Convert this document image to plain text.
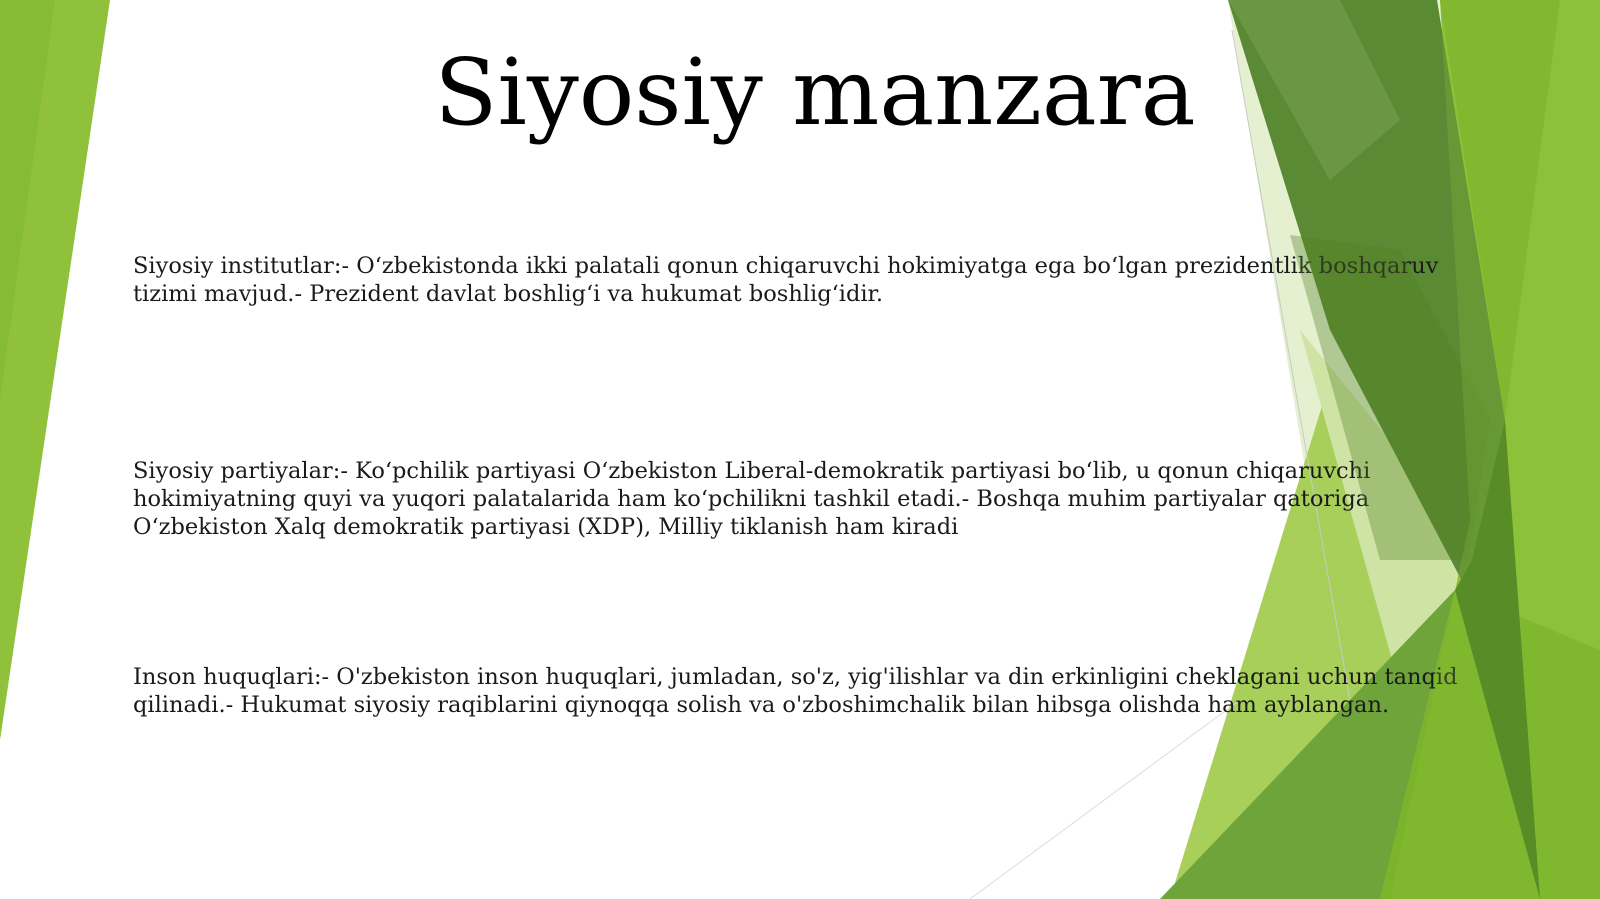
Siyosiy manzara

Siyosiy institutlar:- O‘zbekistonda ikki palatali qonun chiqaruvchi hokimiyatga ega bo‘lgan prezidentlik boshqaruv tizimi mavjud.- Prezident davlat boshlig‘i va hukumat boshlig‘idir.

Siyosiy partiyalar:- Ko‘pchilik partiyasi O‘zbekiston Liberal-demokratik partiyasi bo‘lib, u qonun chiqaruvchi hokimiyatning quyi va yuqori palatalarida ham ko‘pchilikni tashkil etadi.- Boshqa muhim partiyalar qatoriga O‘zbekiston Xalq demokratik partiyasi (XDP), Milliy tiklanish ham kiradi

Inson huquqlari:- O'zbekiston inson huquqlari, jumladan, so'z, yig'ilishlar va din erkinligini cheklagani uchun tanqid qilinadi.- Hukumat siyosiy raqiblarini qiynoqqa solish va o'zboshimchalik bilan hibsga olishda ham ayblangan.
